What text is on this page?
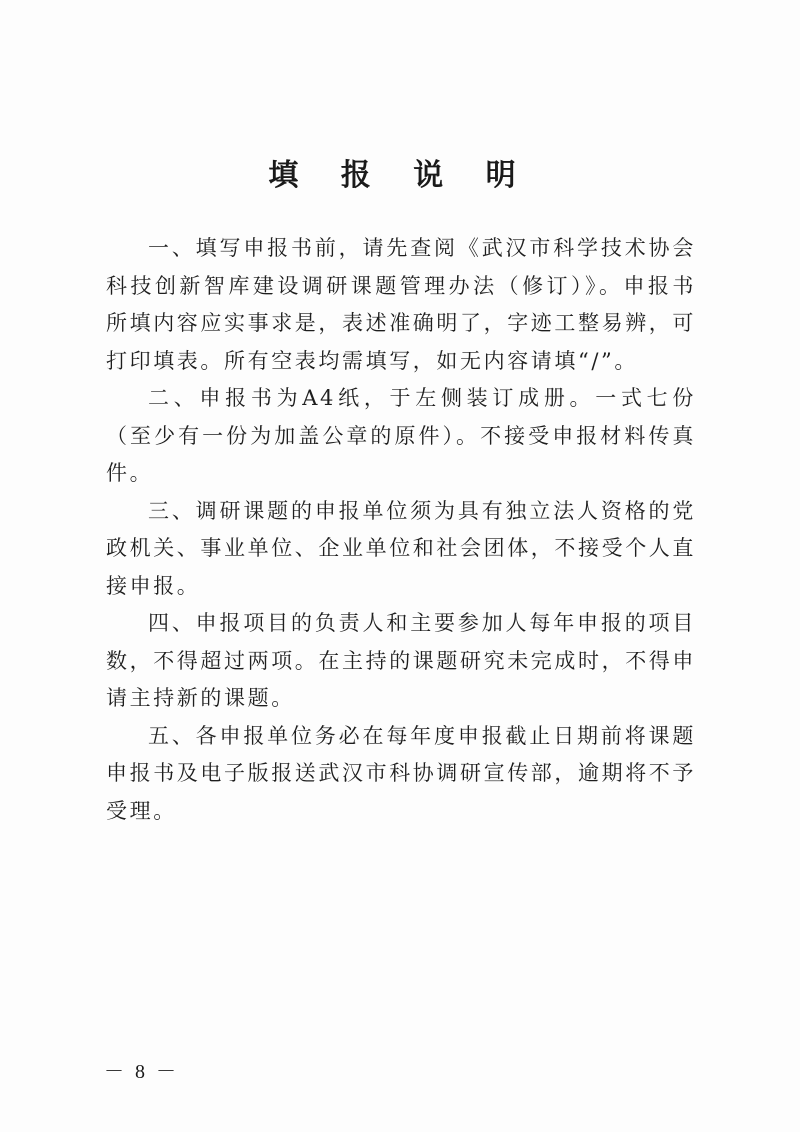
填 报 说 明

一、填写申报书前，请先查阅《武汉市科学技术协会科技创新智库建设调研课题管理办法（修订）》。申报书所填内容应实事求是，表述准确明了，字迹工整易辨，可打印填表。所有空表均需填写，如无内容请填“/”。

二、申报书为A4纸，于左侧装订成册。一式七份（至少有一份为加盖公章的原件）。不接受申报材料传真件。

三、调研课题的申报单位须为具有独立法人资格的党政机关、事业单位、企业单位和社会团体，不接受个人直接申报。

四、申报项目的负责人和主要参加人每年申报的项目数，不得超过两项。在主持的课题研究未完成时，不得申请主持新的课题。

五、各申报单位务必在每年度申报截止日期前将课题申报书及电子版报送武汉市科协调研宣传部，逾期将不予受理。

－ 8 －
